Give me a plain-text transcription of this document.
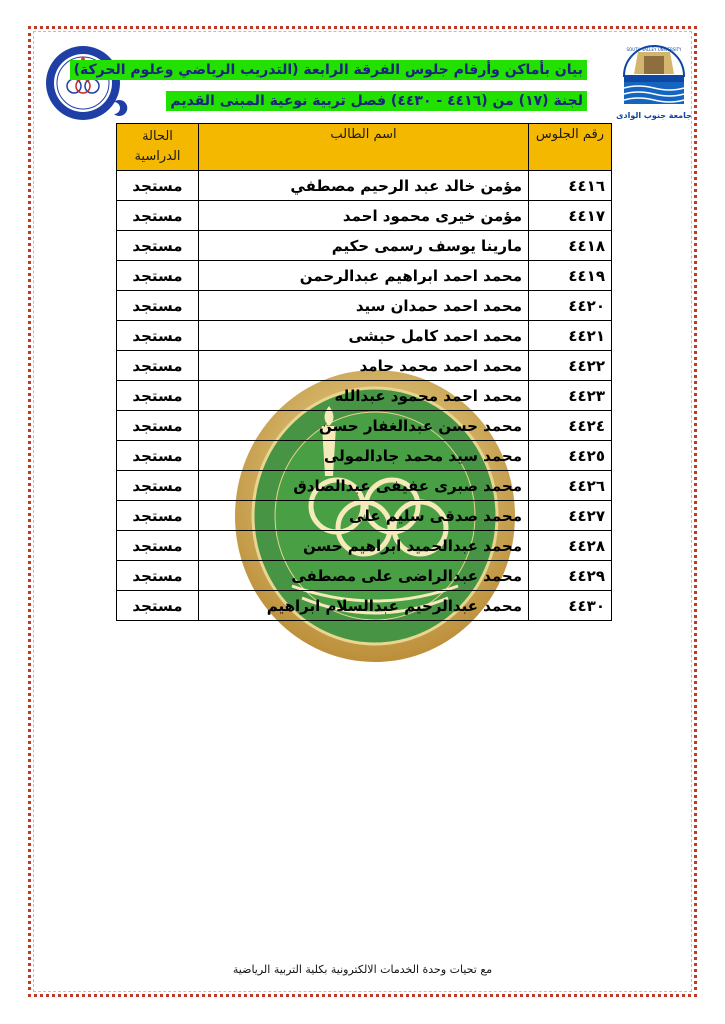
جامعة جنوب الوادى
SOUTH VALLEY UNIVERSITY
بيان بأماكن وأرقام جلوس الفرقة الرابعة (التدريب الرياضي وعلوم الحركة)
لجنة (١٧) من (٤٤١٦ - ٤٤٣٠) فصل تربية نوعية المبنى القديم
رقم الجلوس	اسم الطالب	الحالة
الدراسية
٤٤١٦	مؤمن خالد عبد الرحيم مصطفي	مستجد
٤٤١٧	مؤمن خيرى محمود احمد	مستجد
٤٤١٨	مارينا يوسف رسمى حكيم	مستجد
٤٤١٩	محمد احمد ابراهيم عبدالرحمن	مستجد
٤٤٢٠	محمد احمد حمدان سيد	مستجد
٤٤٢١	محمد احمد كامل حبشى	مستجد
٤٤٢٢	محمد احمد محمد حامد	مستجد
٤٤٢٣	محمد احمد محمود عبدالله	مستجد
٤٤٢٤	محمد حسن عبدالغفار حسن	مستجد
٤٤٢٥	محمد سيد محمد جادالمولى	مستجد
٤٤٢٦	محمد صبرى عفيفى عبدالصادق	مستجد
٤٤٢٧	محمد صدقى سليم على	مستجد
٤٤٢٨	محمد عبدالحميد ابراهيم حسن	مستجد
٤٤٢٩	محمد عبدالراضى على مصطفى	مستجد
٤٤٣٠	محمد عبدالرحيم عبدالسلام ابراهيم	مستجد
مع تحيات وحدة الخدمات الالكترونية بكلية التربية الرياضية
